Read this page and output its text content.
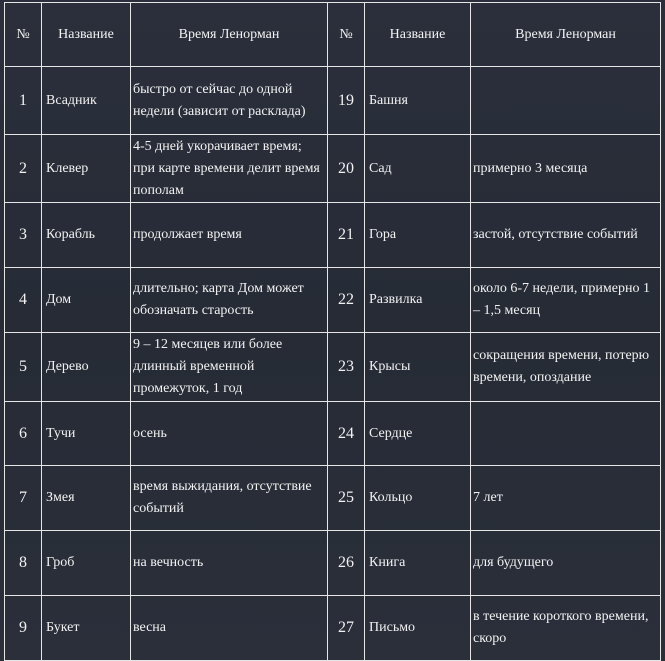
№	Название	Время Ленорман	№	Название	Время Ленорман
1	Всадник	быстро от сейчас до одной недели (зависит от расклада)	19	Башня	
2	Клевер	4-5 дней укорачивает время; при карте времени делит время пополам	20	Сад	примерно 3 месяца
3	Корабль	продолжает время	21	Гора	застой, отсутствие событий
4	Дом	длительно; карта Дом может обозначать старость	22	Развилка	около 6-7 недели, примерно 1 – 1,5 месяц
5	Дерево	9 – 12 месяцев или более длинный временной промежуток, 1 год	23	Крысы	сокращения времени, потерю времени, опоздание
6	Тучи	осень	24	Сердце	
7	Змея	время выжидания, отсутствие событий	25	Кольцо	7 лет
8	Гроб	на вечность	26	Книга	для будущего
9	Букет	весна	27	Письмо	в течение короткого времени, скоро
